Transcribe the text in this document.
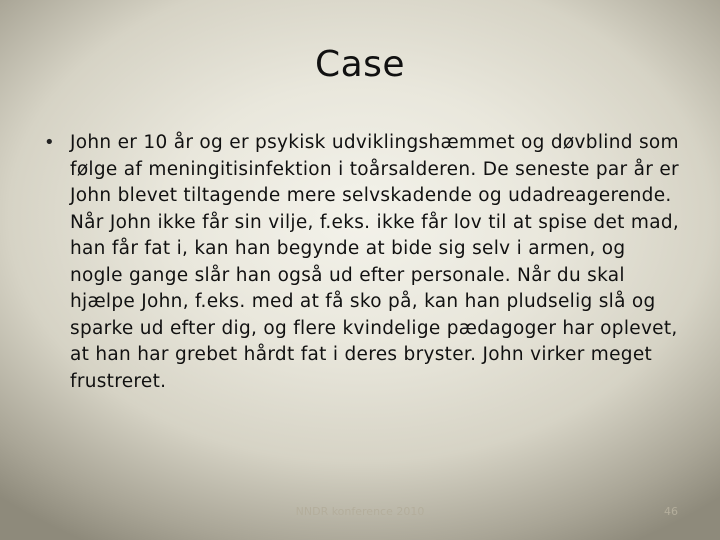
Case
• John er 10 år og er psykisk udviklingshæmmet og døvblind som følge af meningitisinfektion i toårsalderen. De seneste par år er John blevet tiltagende mere selvskadende og udadreagerende. Når John ikke får sin vilje, f.eks. ikke får lov til at spise det mad, han får fat i, kan han begynde at bide sig selv i armen, og nogle gange slår han også ud efter personale. Når du skal hjælpe John, f.eks. med at få sko på, kan han pludselig slå og sparke ud efter dig, og flere kvindelige pædagoger har oplevet, at han har grebet hårdt fat i deres bryster. John virker meget frustreret.
NNDR konference 2010	46
